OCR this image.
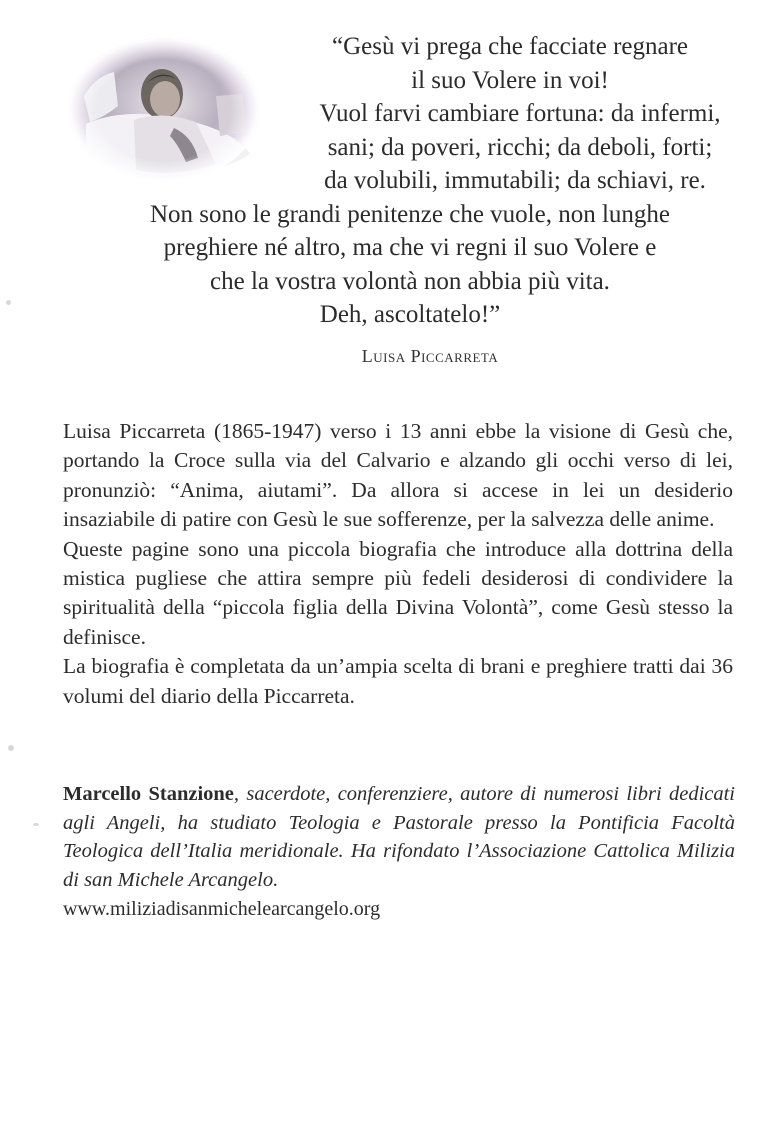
“Gesù vi prega che facciate regnare
il suo Volere in voi!
Vuol farvi cambiare fortuna: da infermi,
sani; da poveri, ricchi; da deboli, forti;
da volubili, immutabili; da schiavi, re.
Non sono le grandi penitenze che vuole, non lunghe
preghiere né altro, ma che vi regni il suo Volere e
che la vostra volontà non abbia più vita.
Deh, ascoltatelo!”
Luisa Piccarreta

Luisa Piccarreta (1865-1947) verso i 13 anni ebbe la visione di Gesù che, portando la Croce sulla via del Calvario e alzando gli occhi verso di lei, pronunziò: “Anima, aiutami”. Da allora si accese in lei un desiderio insaziabile di patire con Gesù le sue sofferenze, per la salvezza delle anime.

Queste pagine sono una piccola biografia che introduce alla dottrina della mistica pugliese che attira sempre più fedeli desiderosi di condividere la spiritualità della “piccola figlia della Divina Volontà”, come Gesù stesso la definisce.

La biografia è completata da un’ampia scelta di brani e preghiere tratti dai 36 volumi del diario della Piccarreta.

Marcello Stanzione, sacerdote, conferenziere, autore di numerosi libri dedicati agli Angeli, ha studiato Teologia e Pastorale presso la Pontificia Facoltà Teologica dell’Italia meridionale. Ha rifondato l’Associazione Cattolica Milizia di san Michele Arcangelo.
www.miliziadisanmichelearcangelo.org
